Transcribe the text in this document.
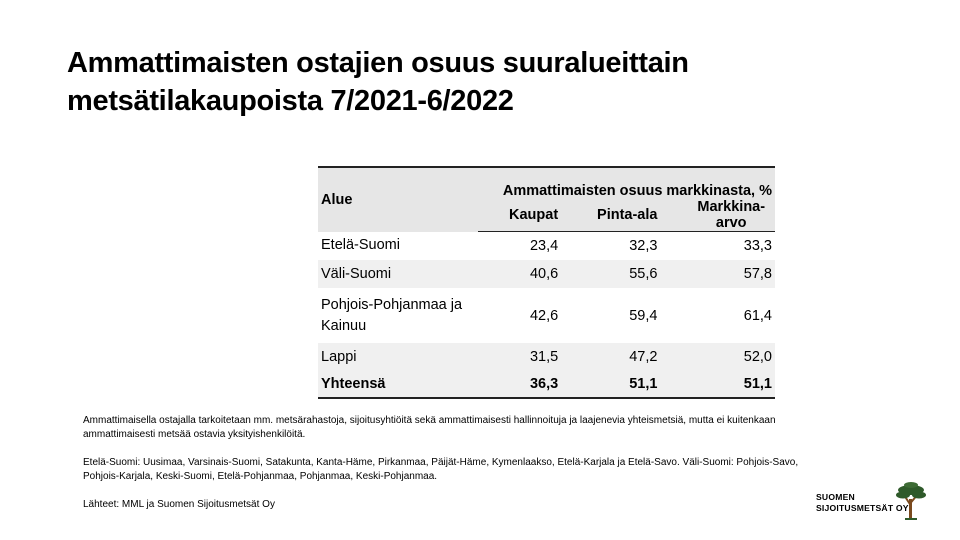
Ammattimaisten ostajien osuus suuralueittain
metsätilakaupoista 7/2021-6/2022
Alue	Ammattimaisten osuus markkinasta, %		
	Kaupat	Pinta-ala	Markkina-arvo
Etelä-Suomi	23,4	32,3	33,3
Väli-Suomi	40,6	55,6	57,8
Pohjois-Pohjanmaa ja Kainuu	42,6	59,4	61,4
Lappi	31,5	47,2	52,0
Yhteensä	36,3	51,1	51,1

Ammattimaisella ostajalla tarkoitetaan mm. metsärahastoja, sijoitusyhtiöitä sekä ammattimaisesti hallinnoituja ja laajenevia yhteismetsiä, mutta ei kuitenkaan ammattimaisesti metsää ostavia yksityishenkilöitä.

Etelä-Suomi: Uusimaa, Varsinais-Suomi, Satakunta, Kanta-Häme, Pirkanmaa, Päijät-Häme, Kymenlaakso, Etelä-Karjala ja Etelä-Savo. Väli-Suomi: Pohjois-Savo, Pohjois-Karjala, Keski-Suomi, Etelä-Pohjanmaa, Pohjanmaa, Keski-Pohjanmaa.

Lähteet: MML ja Suomen Sijoitusmetsät Oy

SUOMEN
SIJOITUSMETSÄT OY
